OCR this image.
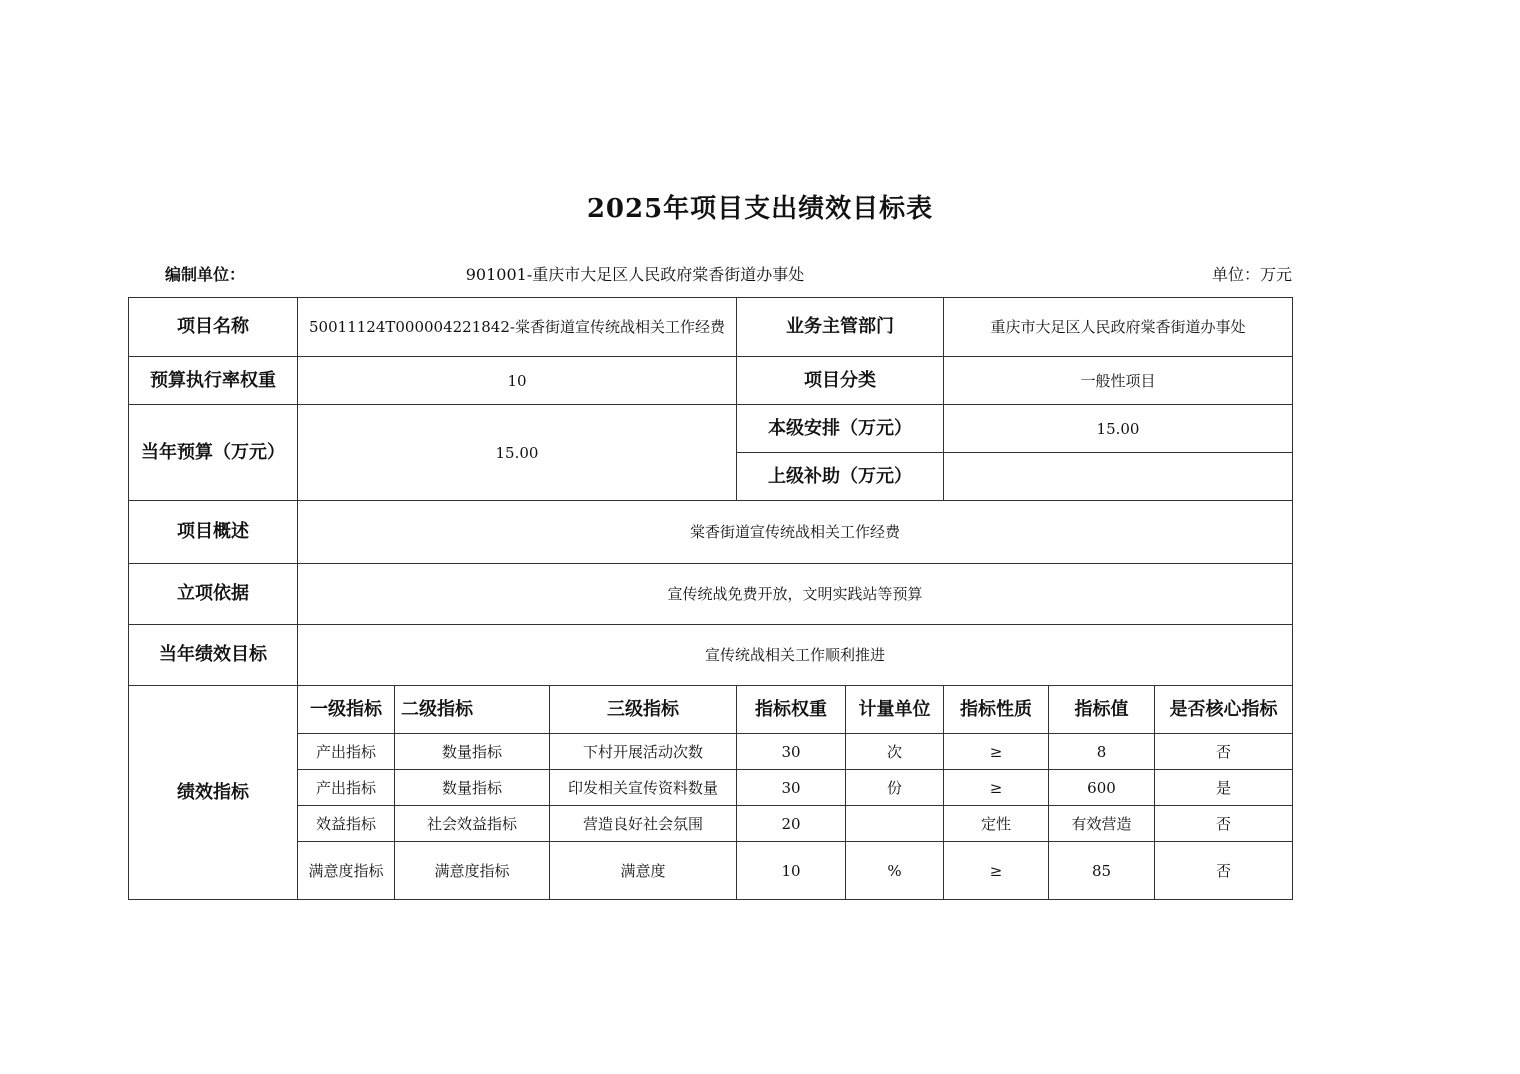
2025年项目支出绩效目标表
编制单位：	901001-重庆市大足区人民政府棠香街道办事处	单位：万元
项目名称	50011124T000004221842-棠香街道宣传统战相关工作经费			业务主管部门		重庆市大足区人民政府棠香街道办事处		
预算执行率权重	10			项目分类		一般性项目		
当年预算（万元）	15.00			本级安排（万元）		15.00		
				上级补助（万元）				
项目概述	棠香街道宣传统战相关工作经费							
立项依据	宣传统战免费开放，文明实践站等预算							
当年绩效目标	宣传统战相关工作顺利推进							
绩效指标	一级指标	二级指标	三级指标	指标权重	计量单位	指标性质	指标值	是否核心指标
	产出指标	数量指标	下村开展活动次数	30	次	≥	8	否
	产出指标	数量指标	印发相关宣传资料数量	30	份	≥	600	是
	效益指标	社会效益指标	营造良好社会氛围	20		定性	有效营造	否
	满意度指标	满意度指标	满意度	10	%	≥	85	否
